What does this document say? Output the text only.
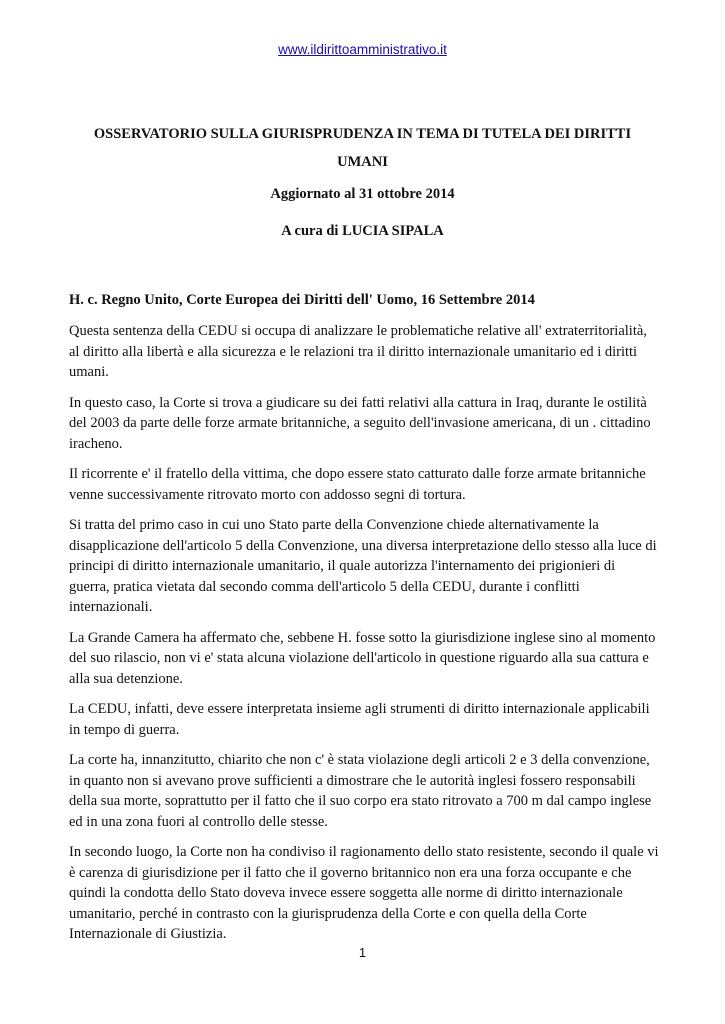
www.ildirittoamministrativo.it
OSSERVATORIO SULLA GIURISPRUDENZA IN TEMA DI TUTELA DEI DIRITTI UMANI
Aggiornato al 31 ottobre 2014
A cura di LUCIA SIPALA
H. c. Regno Unito, Corte Europea dei Diritti dell' Uomo, 16 Settembre 2014

Questa sentenza della CEDU si occupa di analizzare le problematiche relative all' extraterritorialità, al diritto alla libertà e alla sicurezza e le relazioni tra il diritto internazionale umanitario ed i diritti umani.

In questo caso, la Corte si trova a giudicare su dei fatti relativi alla cattura in Iraq, durante le ostilità del 2003 da parte delle forze armate britanniche, a seguito dell'invasione americana, di un . cittadino iracheno.

Il ricorrente e' il fratello della vittima, che dopo essere stato catturato dalle forze armate britanniche venne successivamente ritrovato morto con addosso segni di tortura.

Si tratta del primo caso in cui uno Stato parte della Convenzione chiede alternativamente la disapplicazione dell'articolo 5 della Convenzione, una diversa interpretazione dello stesso alla luce di principi di diritto internazionale umanitario, il quale autorizza l'internamento dei prigionieri di guerra, pratica vietata dal secondo comma dell'articolo 5 della CEDU, durante i conflitti internazionali.

La Grande Camera ha affermato che, sebbene H. fosse sotto la giurisdizione inglese sino al momento del suo rilascio, non vi e' stata alcuna violazione dell'articolo in questione riguardo alla sua cattura e alla sua detenzione.

La CEDU, infatti, deve essere interpretata insieme agli strumenti di diritto internazionale applicabili in tempo di guerra.

La corte ha, innanzitutto, chiarito che non c' è stata violazione degli articoli 2 e 3 della convenzione, in quanto non si avevano prove sufficienti a dimostrare che le autorità inglesi fossero responsabili della sua morte, soprattutto per il fatto che il suo corpo era stato ritrovato a 700 m dal campo inglese ed in una zona fuori al controllo delle stesse.

In secondo luogo, la Corte non ha condiviso il ragionamento dello stato resistente, secondo il quale vi è carenza di giurisdizione per il fatto che il governo britannico non era una forza occupante e che quindi la condotta dello Stato doveva invece essere soggetta alle norme di diritto internazionale umanitario, perché in contrasto con la giurisprudenza della Corte e con quella della Corte Internazionale di Giustizia.

1
